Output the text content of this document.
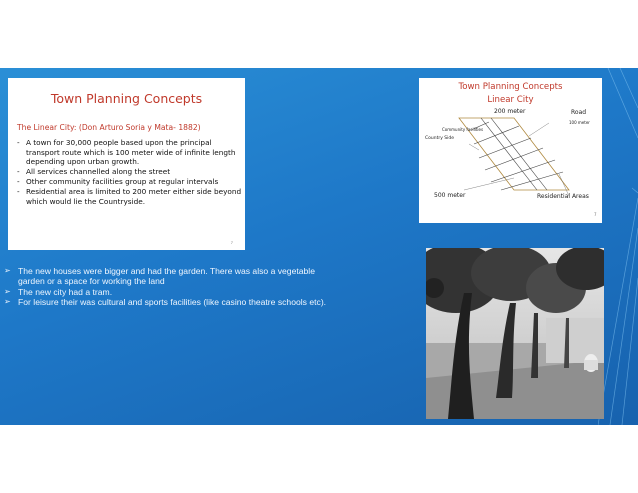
Town Planning Concepts
The Linear City: (Don Arturo Soria y Mata- 1882)
- A town for 30,000 people based upon the principal transport route which is 100 meter wide of infinite length depending upon urban growth.
- All services channelled along the street
- Other community facilities group at regular intervals
- Residential area is limited to 200 meter either side beyond which would lie the Countryside.
7
Town Planning Concepts
Linear City
200 meter	Road
100 meter
Community facilities
Country Side
500 meter	Residential Areas
7
➢ The new houses were bigger and had the garden. There was also a vegetable garden or a space for working the land
➢ The new city had a tram.
➢ For leisure their was cultural and sports facilities (like casino theatre schools etc).
